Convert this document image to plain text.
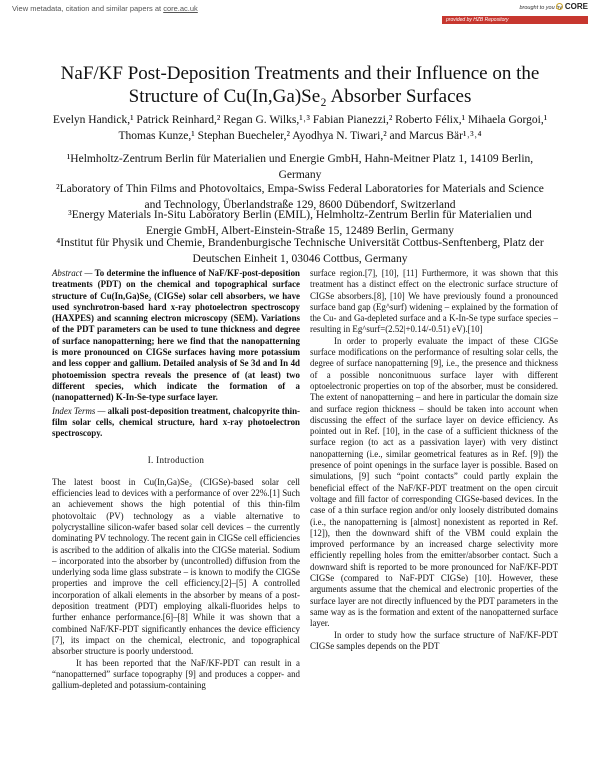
View metadata, citation and similar papers at core.ac.uk	brought to you by CORE
provided by HZB Repository
NaF/KF Post-Deposition Treatments and their Influence on the
Structure of Cu(In,Ga)Se₂ Absorber Surfaces
Evelyn Handick,¹ Patrick Reinhard,² Regan G. Wilks,¹˒³ Fabian Pianezzi,² Roberto Félix,¹ Mihaela Gorgoi,¹
Thomas Kunze,¹ Stephan Buecheler,² Ayodhya N. Tiwari,² and Marcus Bär¹˒³˒⁴
¹Helmholtz-Zentrum Berlin für Materialien und Energie GmbH, Hahn-Meitner Platz 1, 14109 Berlin, Germany
²Laboratory of Thin Films and Photovoltaics, Empa-Swiss Federal Laboratories for Materials and Science and Technology, Überlandstraße 129, 8600 Dübendorf, Switzerland
³Energy Materials In-Situ Laboratory Berlin (EMIL), Helmholtz-Zentrum Berlin für Materialien und Energie GmbH, Albert-Einstein-Straße 15, 12489 Berlin, Germany
⁴Institut für Physik und Chemie, Brandenburgische Technische Universität Cottbus-Senftenberg, Platz der Deutschen Einheit 1, 03046 Cottbus, Germany

Abstract — To determine the influence of NaF/KF-post-deposition treatments (PDT) on the chemical and topographical surface structure of Cu(In,Ga)Se₂ (CIGSe) solar cell absorbers, we have used synchrotron-based hard x-ray photoelectron spectroscopy (HAXPES) and scanning electron microscopy (SEM). Variations of the PDT parameters can be used to tune thickness and degree of surface nanopatterning; here we find that the nanopatterning is more pronounced on CIGSe surfaces having more potassium and less copper and gallium. Detailed analysis of Se 3d and In 4d photoemission spectra reveals the presence of (at least) two different species, which indicate the formation of a (nanopatterned) K-In-Se-type surface layer.

Index Terms — alkali post-deposition treatment, chalcopyrite thin-film solar cells, chemical structure, hard x-ray photoelectron spectroscopy.

I. Introduction

The latest boost in Cu(In,Ga)Se₂ (CIGSe)-based solar cell efficiencies lead to devices with a performance of over 22%.[1] Such an achievement shows the high potential of this thin-film photovoltaic (PV) technology as a viable alternative to polycrystalline silicon-wafer based solar cell devices – the currently dominating PV technology. The recent gain in CIGSe cell efficiencies is ascribed to the addition of alkalis into the CIGSe material. Sodium – incorporated into the absorber by (uncontrolled) diffusion from the underlying soda lime glass substrate – is known to modify the CIGSe properties and improve the cell efficiency.[2]–[5] A controlled incorporation of alkali elements in the absorber by means of a post-deposition treatment (PDT) employing alkali-fluorides helps to further enhance performance.[6]–[8] While it was shown that a combined NaF/KF-PDT significantly enhances the device efficiency [7], its impact on the chemical, electronic, and topographical absorber structure is poorly understood.

It has been reported that the NaF/KF-PDT can result in a “nanopatterned” surface topography [9] and produces a copper- and gallium-depleted and potassium-containing

surface region.[7], [10], [11] Furthermore, it was shown that this treatment has a distinct effect on the electronic surface structure of CIGSe absorbers.[8], [10] We have previously found a pronounced surface band gap (Eg^surf) widening – explained by the formation of the Cu- and Ga-depleted surface and a K-In-Se type surface species – resulting in Eg^surf=(2.52|+0.14/-0.51) eV).[10]

In order to properly evaluate the impact of these CIGSe surface modifications on the performance of resulting solar cells, the degree of surface nanopatterning [9], i.e., the presence and thickness of a possible nonconitnuous surface layer with different optoelectronic properties on top of the absorber, must be considered. The extent of nanopatterning – and here in particular the domain size and surface region thickness – should be taken into account when discussing the effect of the surface layer on device efficiency. As pointed out in Ref. [10], in the case of a sufficient thickness of the surface region (to act as a passivation layer) with very distinct nanopatterning (i.e., similar geometrical features as in Ref. [9]) the presence of point openings in the surface layer is possible. Based on simulations, [9] such “point contacts” could partly explain the beneficial effect of the NaF/KF-PDT treatment on the open circuit voltage and fill factor of corresponding CIGSe-based devices. In the case of a thin surface region and/or only loosely distributed domains (i.e., the nanopatterning is [almost] nonexistent as reported in Ref. [12]), then the downward shift of the VBM could explain the improved performance by an increased charge selectivity more efficiently repelling holes from the emitter/absorber contact. Such a downward shift is reported to be more pronounced for NaF/KF-PDT CIGSe (compared to NaF-PDT CIGSe) [10]. However, these arguments assume that the chemical and electronic properties of the surface layer are not directly influenced by the PDT parameters in the same way as is the formation and extent of the nanopatterned surface layer.

In order to study how the surface structure of NaF/KF-PDT CIGSe samples depends on the PDT
